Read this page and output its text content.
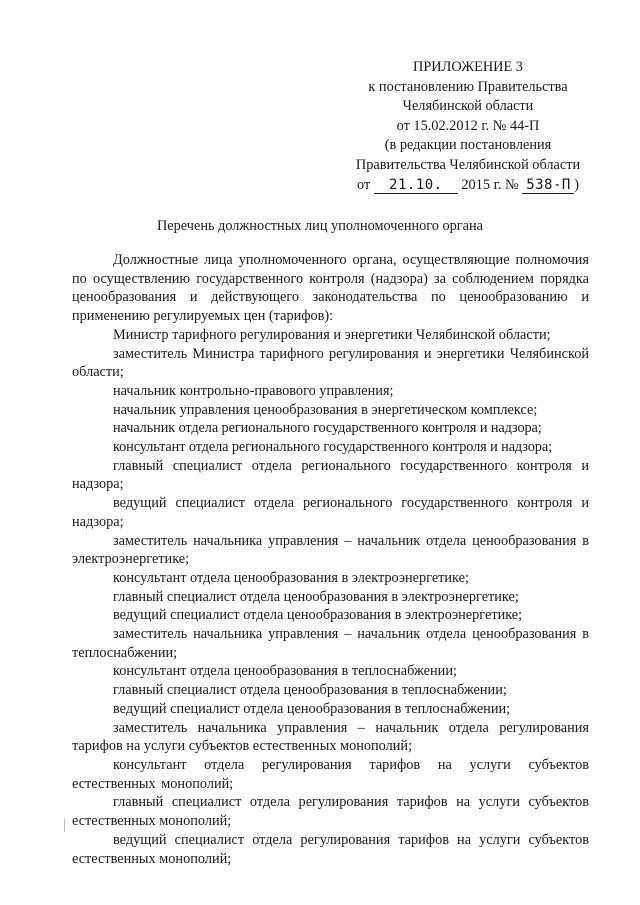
ПРИЛОЖЕНИЕ 3
к постановлению Правительства
Челябинской области
от 15.02.2012 г. № 44-П
(в редакции постановления
Правительства Челябинской области
от 21.10. 2015 г. № 538-П )
Перечень должностных лиц уполномоченного органа

Должностные лица уполномоченного органа, осуществляющие полномочия по осуществлению государственного контроля (надзора) за соблюдением порядка ценообразования и действующего законодательства по ценообразованию и применению регулируемых цен (тарифов):

Министр тарифного регулирования и энергетики Челябинской области;

заместитель Министра тарифного регулирования и энергетики Челябинской области;

начальник контрольно-правового управления;

начальник управления ценообразования в энергетическом комплексе;

начальник отдела регионального государственного контроля и надзора;

консультант отдела регионального государственного контроля и надзора;

главный специалист отдела регионального государственного контроля и надзора;

ведущий специалист отдела регионального государственного контроля и надзора;

заместитель начальника управления – начальник отдела ценообразования в электроэнергетике;

консультант отдела ценообразования в электроэнергетике;

главный специалист отдела ценообразования в электроэнергетике;

ведущий специалист отдела ценообразования в электроэнергетике;

заместитель начальника управления – начальник отдела ценообразования в теплоснабжении;

консультант отдела ценообразования в теплоснабжении;

главный специалист отдела ценообразования в теплоснабжении;

ведущий специалист отдела ценообразования в теплоснабжении;

заместитель начальника управления – начальник отдела регулирования тарифов на услуги субъектов естественных монополий;

консультант отдела регулирования тарифов на услуги субъектов естественных монополий;

главный специалист отдела регулирования тарифов на услуги субъектов естественных монополий;

ведущий специалист отдела регулирования тарифов на услуги субъектов естественных монополий;
